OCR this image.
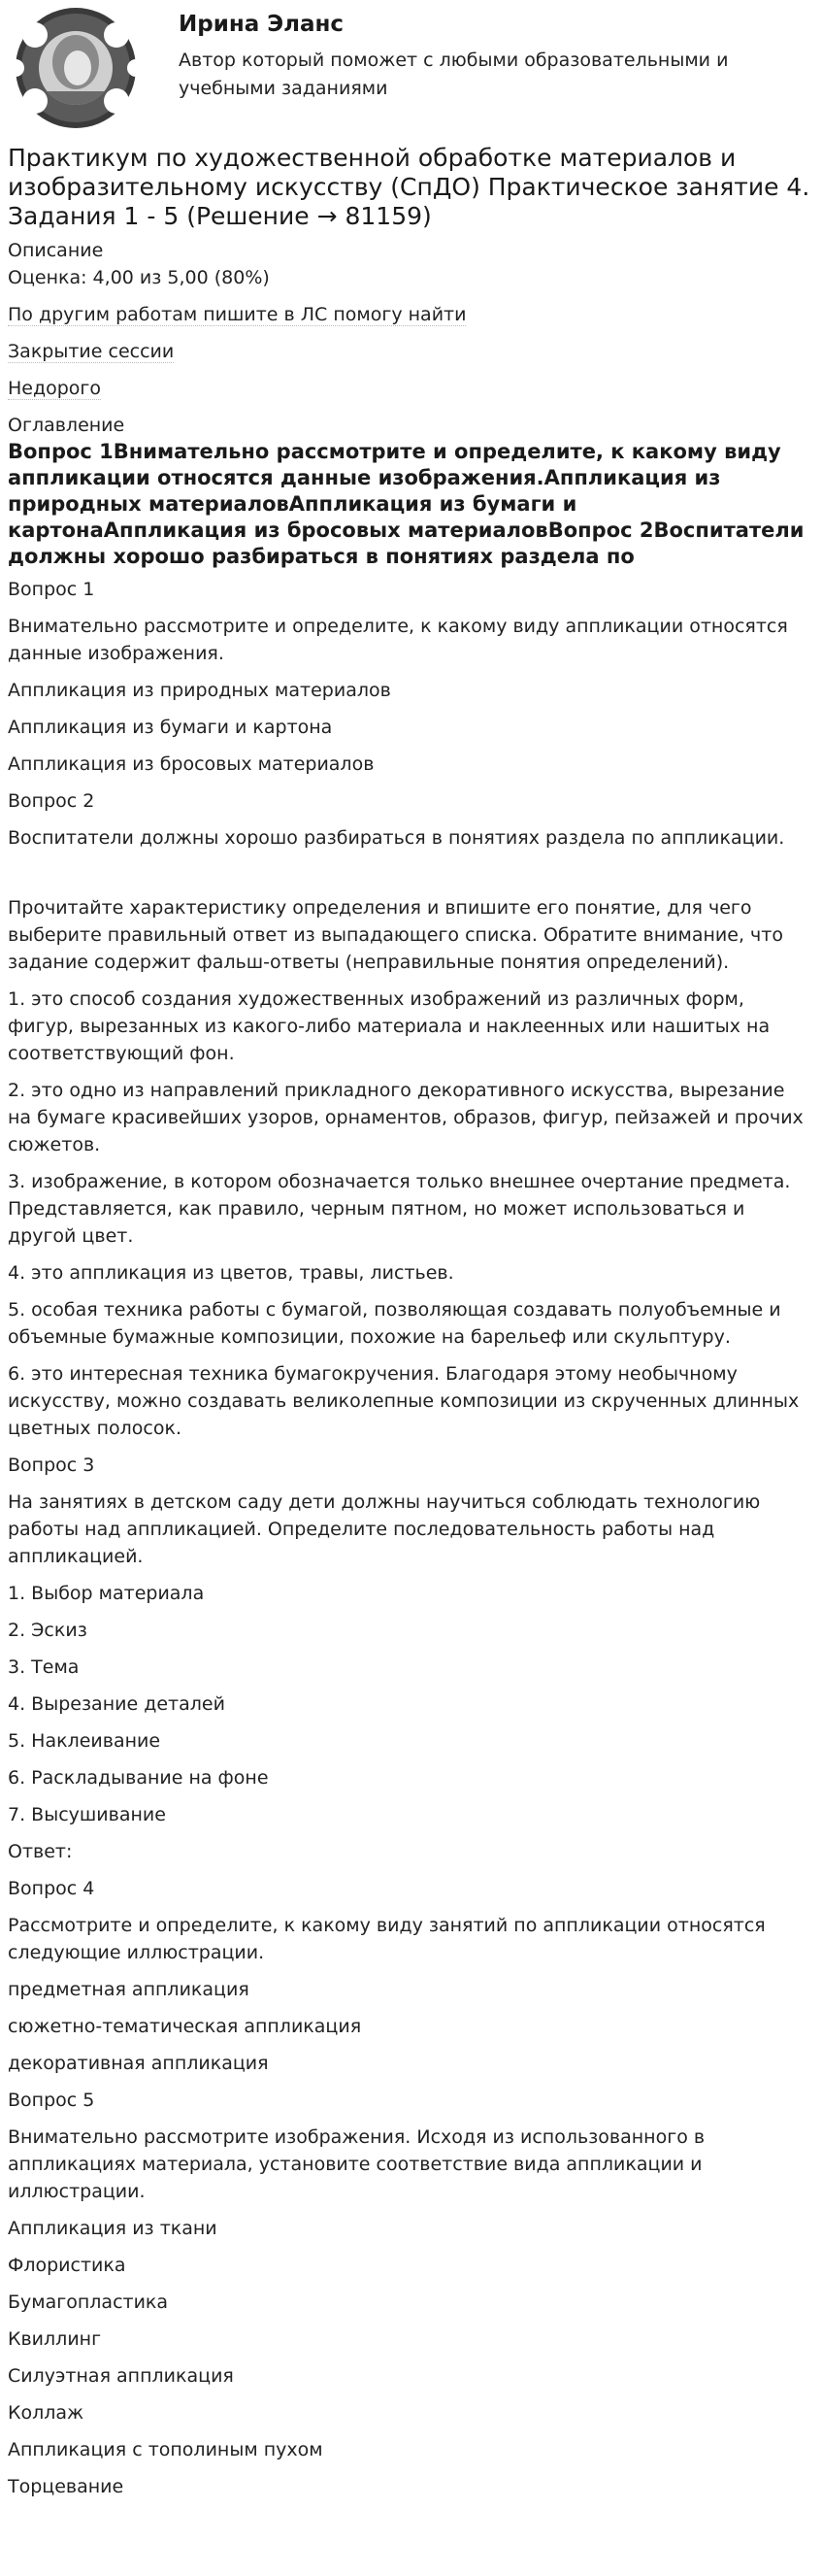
Ирина Эланс

Автор который поможет с любыми образовательными и учебными заданиями

Практикум по художественной обработке материалов и изобразительному искусству (СпДО) Практическое занятие 4. Задания 1 - 5 (Решение → 81159)

Описание

Оценка: 4,00 из 5,00 (80%)

По другим работам пишите в ЛС помогу найти

Закрытие сессии

Недорого

Оглавление

Вопрос 1Внимательно рассмотрите и определите, к какому виду аппликации относятся данные изображения.Аппликация из природных материаловАппликация из бумаги и картонаАппликация из бросовых материаловВопрос 2Воспитатели должны хорошо разбираться в понятиях раздела по

Вопрос 1

Внимательно рассмотрите и определите, к какому виду аппликации относятся данные изображения.

Аппликация из природных материалов

Аппликация из бумаги и картона

Аппликация из бросовых материалов

Вопрос 2

Воспитатели должны хорошо разбираться в понятиях раздела по аппликации.

Прочитайте характеристику определения и впишите его понятие, для чего выберите правильный ответ из выпадающего списка. Обратите внимание, что задание содержит фальш-ответы (неправильные понятия определений).

1. это способ создания художественных изображений из различных форм, фигур, вырезанных из какого-либо материала и наклеенных или нашитых на соответствующий фон.

2. это одно из направлений прикладного декоративного искусства, вырезание на бумаге красивейших узоров, орнаментов, образов, фигур, пейзажей и прочих сюжетов.

3. изображение, в котором обозначается только внешнее очертание предмета. Представляется, как правило, черным пятном, но может использоваться и другой цвет.

4. это аппликация из цветов, травы, листьев.

5. особая техника работы с бумагой, позволяющая создавать полуобъемные и объемные бумажные композиции, похожие на барельеф или скульптуру.

6. это интересная техника бумагокручения. Благодаря этому необычному искусству, можно создавать великолепные композиции из скрученных длинных цветных полосок.

Вопрос 3

На занятиях в детском саду дети должны научиться соблюдать технологию работы над аппликацией. Определите последовательность работы над аппликацией.

1. Выбор материала

2. Эскиз

3. Тема

4. Вырезание деталей

5. Наклеивание

6. Раскладывание на фоне

7. Высушивание

Ответ:

Вопрос 4

Рассмотрите и определите, к какому виду занятий по аппликации относятся следующие иллюстрации.

предметная аппликация

сюжетно-тематическая аппликация

декоративная аппликация

Вопрос 5

Внимательно рассмотрите изображения. Исходя из использованного в аппликациях материала, установите соответствие вида аппликации и иллюстрации.

Аппликация из ткани

Флористика

Бумагопластика

Квиллинг

Силуэтная аппликация

Коллаж

Аппликация с тополиным пухом

Торцевание
